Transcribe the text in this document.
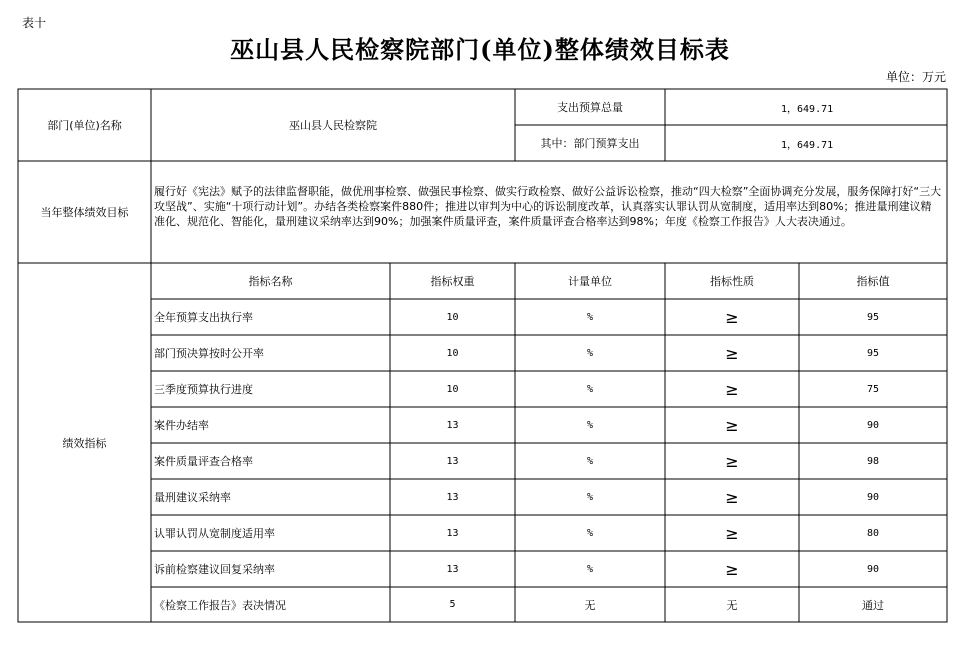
表十
巫山县人民检察院部门(单位)整体绩效目标表
单位：万元
部门(单位)名称	巫山县人民检察院
支出预算总量	1，649.71
其中：部门预算支出	1，649.71
当年整体绩效目标
履行好《宪法》赋予的法律监督职能，做优刑事检察、做强民事检察、做实行政检察、做好公益诉讼检察，推动“四大检察”全面协调充分发展，服务保障打好“三大攻坚战”、实施“十项行动计划”。办结各类检察案件880件；推进以审判为中心的诉讼制度改革，认真落实认罪认罚从宽制度，适用率达到80%；推进量刑建议精准化、规范化、智能化，量刑建议采纳率达到90%；加强案件质量评查，案件质量评查合格率达到98%；年度《检察工作报告》人大表决通过。
绩效指标
指标名称	指标权重	计量单位	指标性质	指标值
全年预算支出执行率	10	%	≥	95
部门预决算按时公开率	10	%	≥	95
三季度预算执行进度	10	%	≥	75
案件办结率	13	%	≥	90
案件质量评查合格率	13	%	≥	98
量刑建议采纳率	13	%	≥	90
认罪认罚从宽制度适用率	13	%	≥	80
诉前检察建议回复采纳率	13	%	≥	90
《检察工作报告》表决情况	5	无	无	通过
